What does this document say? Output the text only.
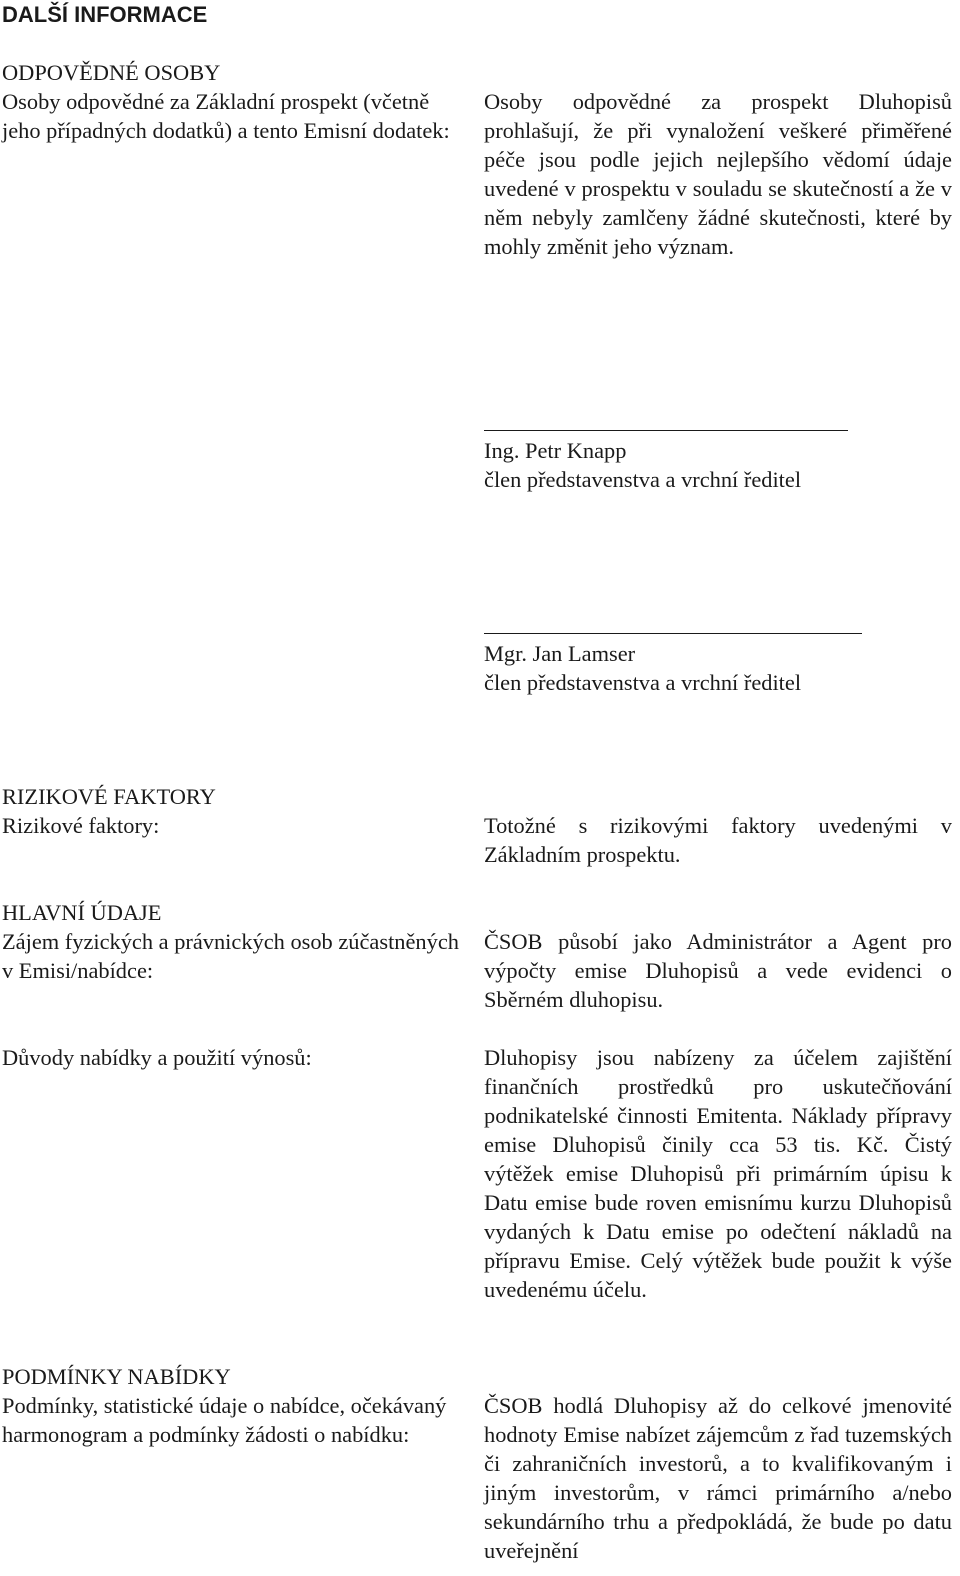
DALŠÍ INFORMACE
ODPOVĚDNÉ OSOBY
Osoby odpovědné za Základní prospekt (včetně jeho případných dodatků) a tento Emisní dodatek:
Osoby odpovědné za prospekt Dluhopisů prohlašují, že při vynaložení veškeré přiměřené péče jsou podle jejich nejlepšího vědomí údaje uvedené v prospektu v souladu se skutečností a že v něm nebyly zamlčeny žádné skutečnosti, které by mohly změnit jeho význam.
Ing. Petr Knapp
člen představenstva a vrchní ředitel
Mgr. Jan Lamser
člen představenstva a vrchní ředitel
RIZIKOVÉ FAKTORY
Rizikové faktory:	Totožné s rizikovými faktory uvedenými v Základním prospektu.
HLAVNÍ ÚDAJE
Zájem fyzických a právnických osob zúčastněných v Emisi/nabídce:
ČSOB působí jako Administrátor a Agent pro výpočty emise Dluhopisů a vede evidenci o Sběrném dluhopisu.
Důvody nabídky a použití výnosů:	Dluhopisy jsou nabízeny za účelem zajištění finančních prostředků pro uskutečňování podnikatelské činnosti Emitenta. Náklady přípravy emise Dluhopisů činily cca 53 tis. Kč. Čistý výtěžek emise Dluhopisů při primárním úpisu k Datu emise bude roven emisnímu kurzu Dluhopisů vydaných k Datu emise po odečtení nákladů na přípravu Emise. Celý výtěžek bude použit k výše uvedenému účelu.
PODMÍNKY NABÍDKY
Podmínky, statistické údaje o nabídce, očekávaný harmonogram a podmínky žádosti o nabídku:
ČSOB hodlá Dluhopisy až do celkové jmenovité hodnoty Emise nabízet zájemcům z řad tuzemských či zahraničních investorů, a to kvalifikovaným i jiným investorům, v rámci primárního a/nebo sekundárního trhu a předpokládá, že bude po datu uveřejnění
